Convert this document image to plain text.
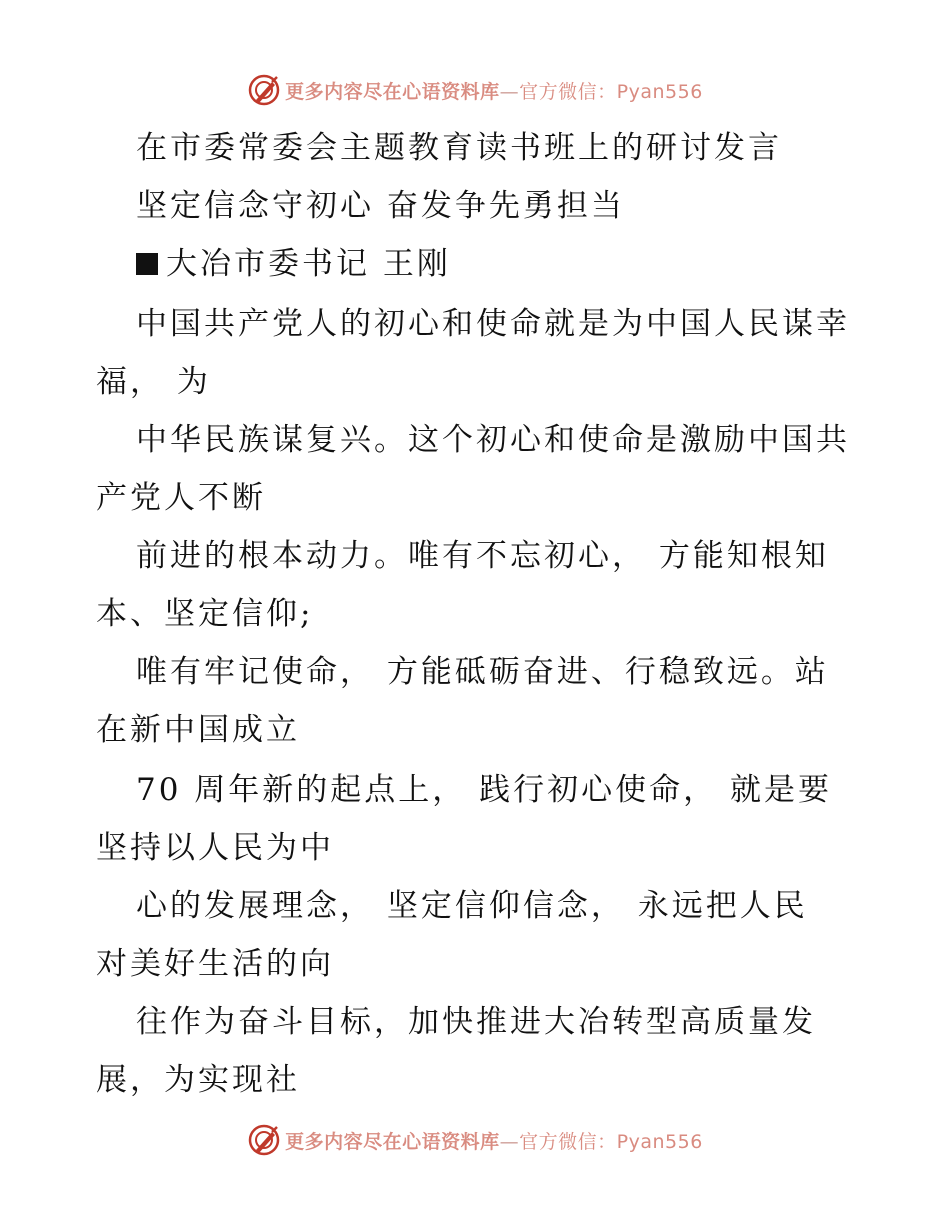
更多内容尽在心语资料库—官方微信：Pyan556
在市委常委会主题教育读书班上的研讨发言
坚定信念守初心 奋发争先勇担当
大冶市委书记 王刚
中国共产党人的初心和使命就是为中国人民谋幸
福， 为
中华民族谋复兴。这个初心和使命是激励中国共
产党人不断
前进的根本动力。唯有不忘初心， 方能知根知
本、坚定信仰;
唯有牢记使命， 方能砥砺奋进、行稳致远。站
在新中国成立
70 周年新的起点上， 践行初心使命， 就是要
坚持以人民为中
心的发展理念， 坚定信仰信念， 永远把人民
对美好生活的向
往作为奋斗目标，加快推进大冶转型高质量发
展，为实现社
更多内容尽在心语资料库—官方微信：Pyan556
